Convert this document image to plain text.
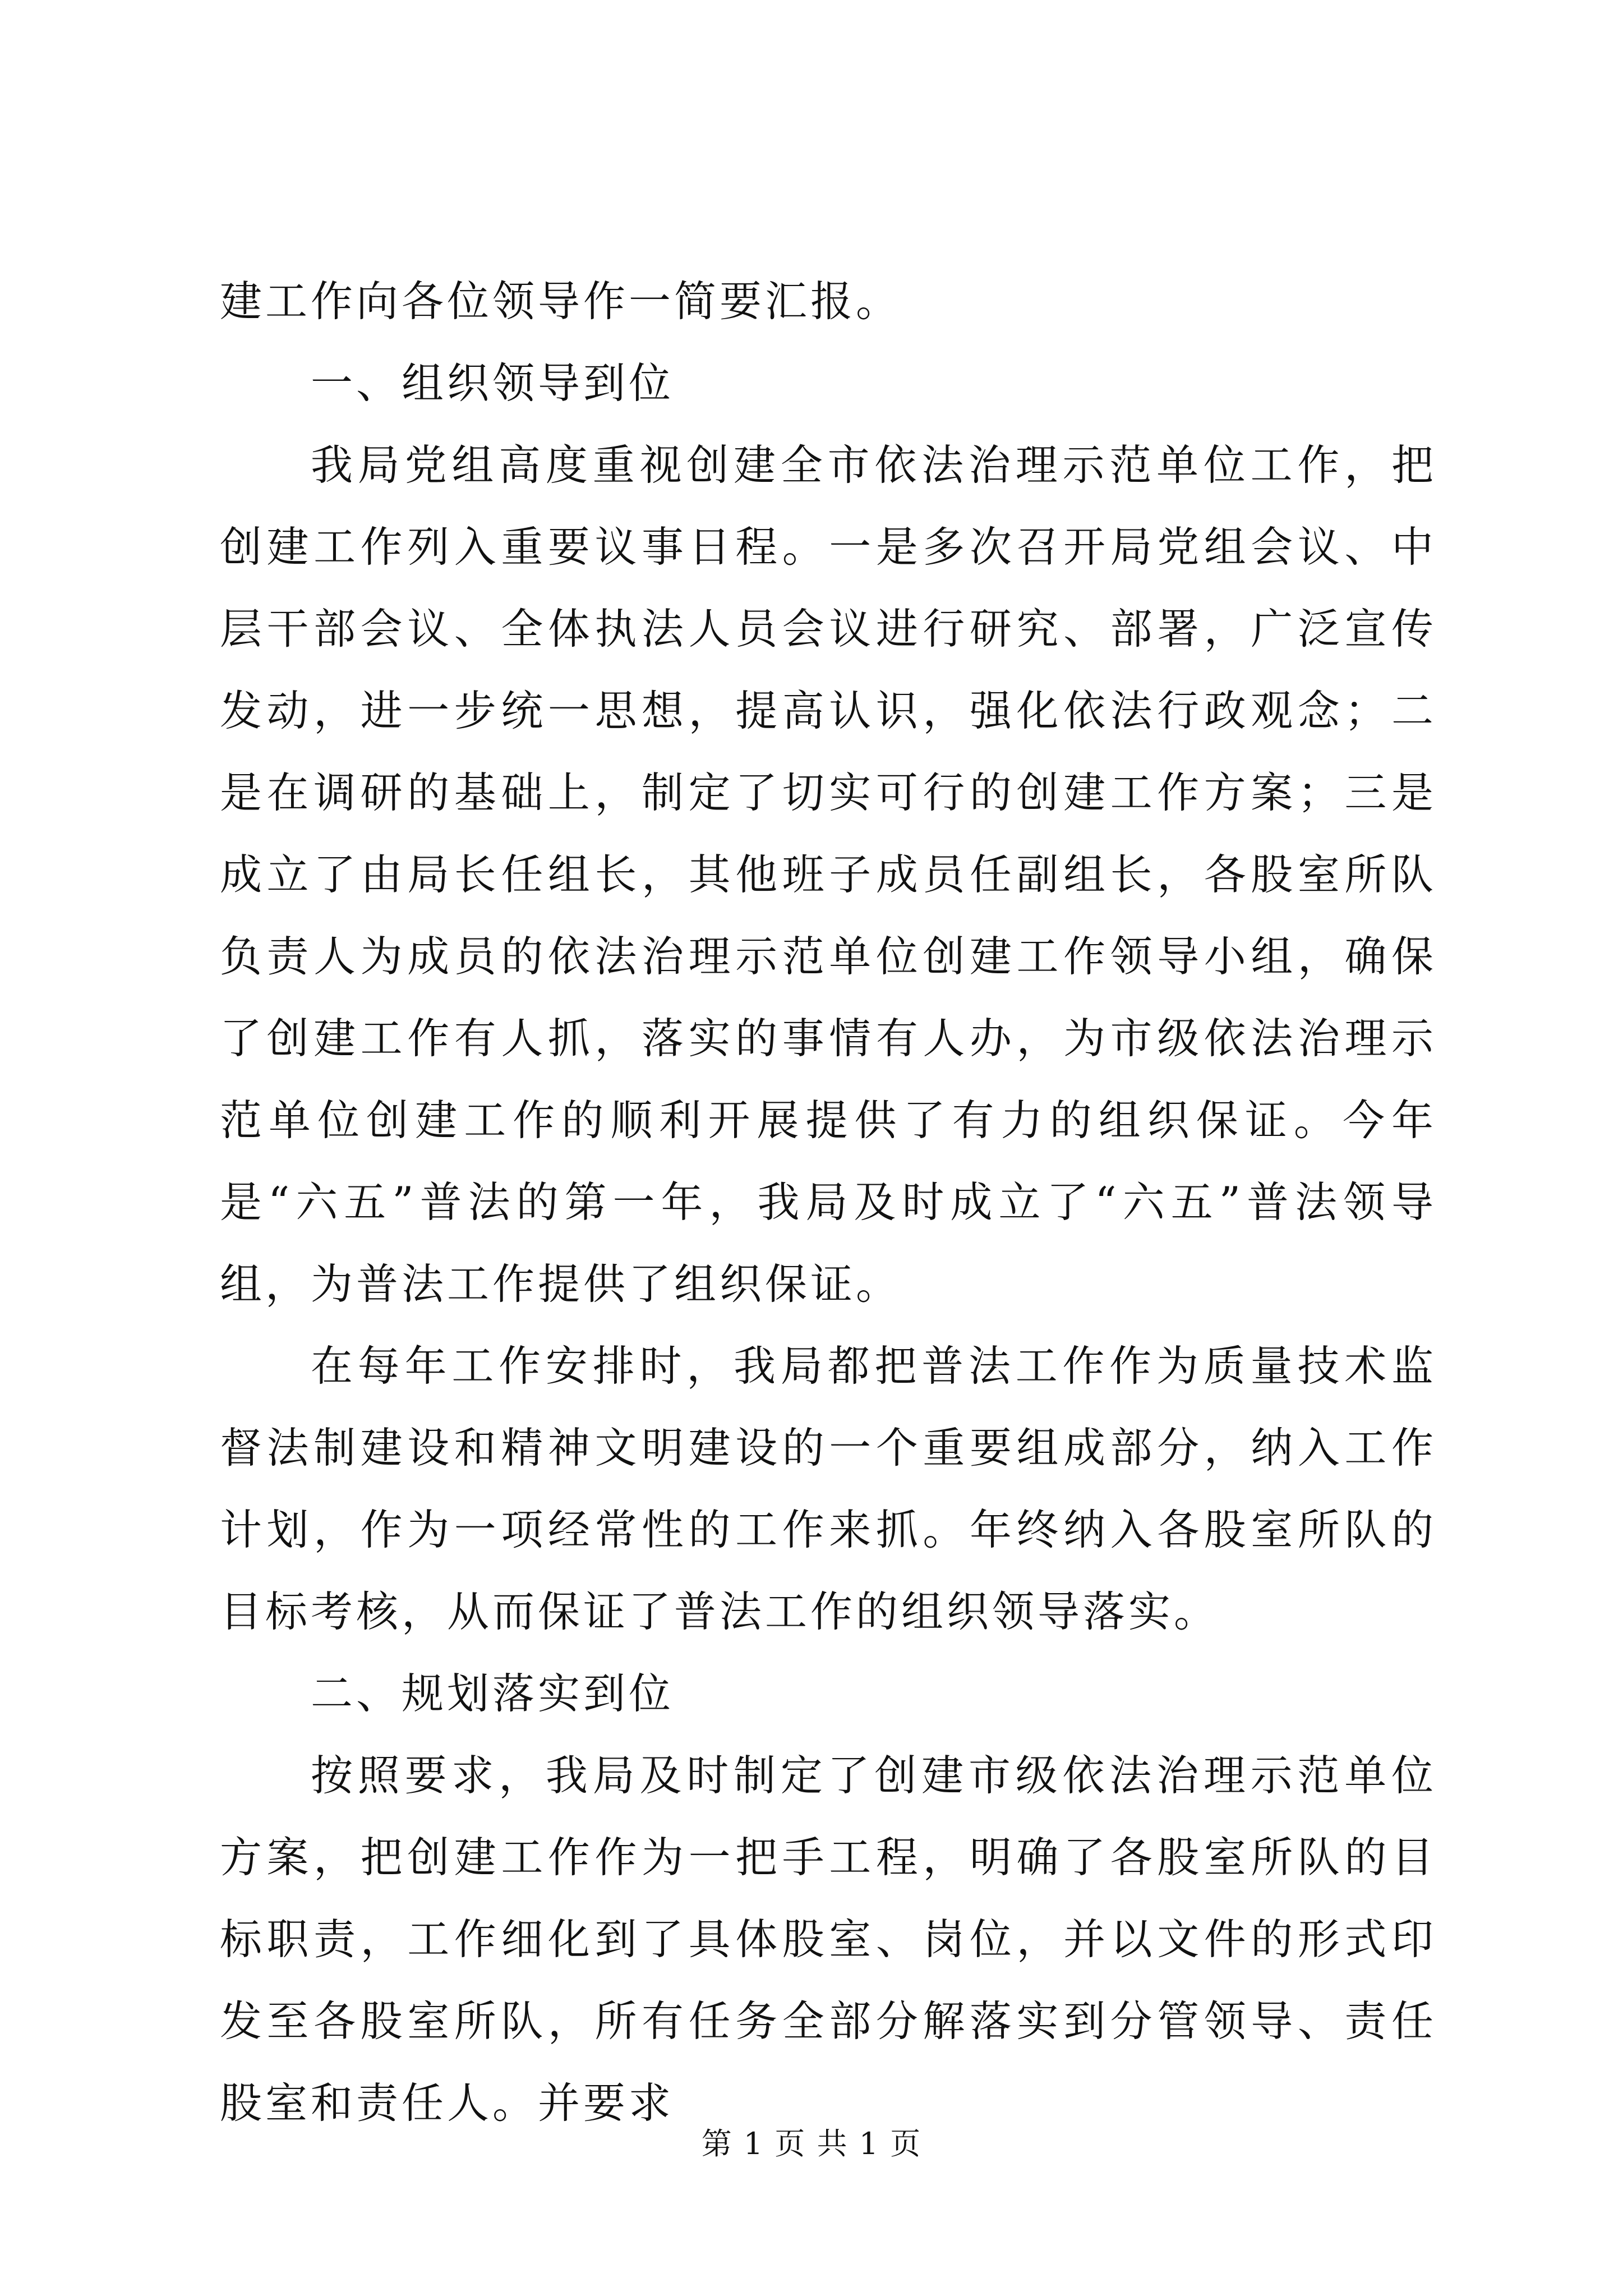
建工作向各位领导作一简要汇报。

一、组织领导到位

我局党组高度重视创建全市依法治理示范单位工作，把创建工作列入重要议事日程。一是多次召开局党组会议、中层干部会议、全体执法人员会议进行研究、部署，广泛宣传发动，进一步统一思想，提高认识，强化依法行政观念；二是在调研的基础上，制定了切实可行的创建工作方案；三是成立了由局长任组长，其他班子成员任副组长，各股室所队负责人为成员的依法治理示范单位创建工作领导小组，确保了创建工作有人抓，落实的事情有人办，为市级依法治理示范单位创建工作的顺利开展提供了有力的组织保证。今年是“六五”普法的第一年，我局及时成立了“六五”普法领导组，为普法工作提供了组织保证。

在每年工作安排时，我局都把普法工作作为质量技术监督法制建设和精神文明建设的一个重要组成部分，纳入工作计划，作为一项经常性的工作来抓。年终纳入各股室所队的目标考核，从而保证了普法工作的组织领导落实。

二、规划落实到位

按照要求，我局及时制定了创建市级依法治理示范单位方案，把创建工作作为一把手工程，明确了各股室所队的目标职责，工作细化到了具体股室、岗位，并以文件的形式印发至各股室所队，所有任务全部分解落实到分管领导、责任股室和责任人。并要求

第 1 页 共 1 页
